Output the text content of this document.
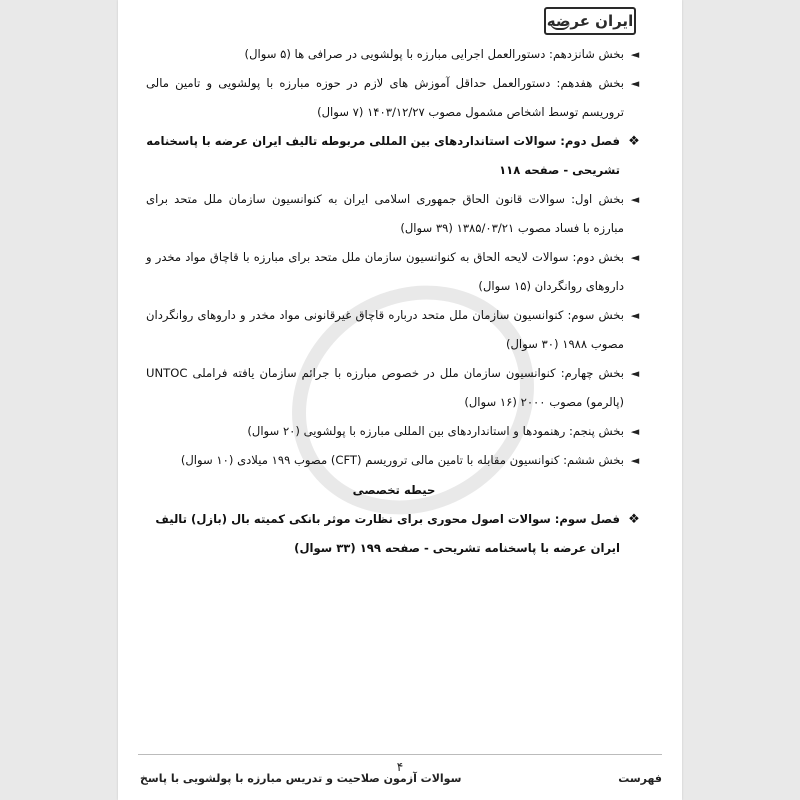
ایران عرضه
◄
بخش شانزدهم: دستورالعمل اجرایی مبارزه با پولشویی در صرافی ها (۵ سوال)
◄
بخش هفدهم: دستورالعمل حداقل آموزش های لازم در حوزه مبارزه با پولشویی و تامین مالی تروریسم توسط اشخاص مشمول مصوب ۱۴۰۳/۱۲/۲۷ (۷ سوال)
❖
فصل دوم: سوالات استانداردهای بین المللی مربوطه تالیف ایران عرضه با پاسخنامه تشریحی - صفحه ۱۱۸
◄
بخش اول: سوالات قانون الحاق جمهوری اسلامی ایران به کنوانسیون سازمان ملل متحد برای مبارزه با فساد مصوب ۱۳۸۵/۰۳/۲۱ (۳۹ سوال)
◄
بخش دوم: سوالات لایحه الحاق به کنوانسیون سازمان ملل متحد برای مبارزه با قاچاق مواد مخدر و داروهای روانگردان (۱۵ سوال)
◄
بخش سوم: کنوانسیون سازمان ملل متحد درباره قاچاق غیرقانونی مواد مخدر و داروهای روانگردان مصوب ۱۹۸۸ (۳۰ سوال)
◄
بخش چهارم: کنوانسیون سازمان ملل در خصوص مبارزه با جرائم سازمان یافته فراملی UNTOC (پالرمو) مصوب ۲۰۰۰ (۱۶ سوال)
◄
بخش پنجم: رهنمودها و استانداردهای بین المللی مبارزه با پولشویی (۲۰ سوال)
◄
بخش ششم: کنوانسیون مقابله با تامین مالی تروریسم (CFT) مصوب ۱۹۹ میلادی (۱۰ سوال)
حیطه تخصصی
❖
فصل سوم: سوالات اصول محوری برای نظارت موثر بانکی کمیته بال (بازل) تالیف ایران عرضه با پاسخنامه تشریحی - صفحه ۱۹۹ (۳۳ سوال)
۴
فهرست
سوالات آزمون صلاحیت و تدریس مبارزه با پولشویی با پاسخ
